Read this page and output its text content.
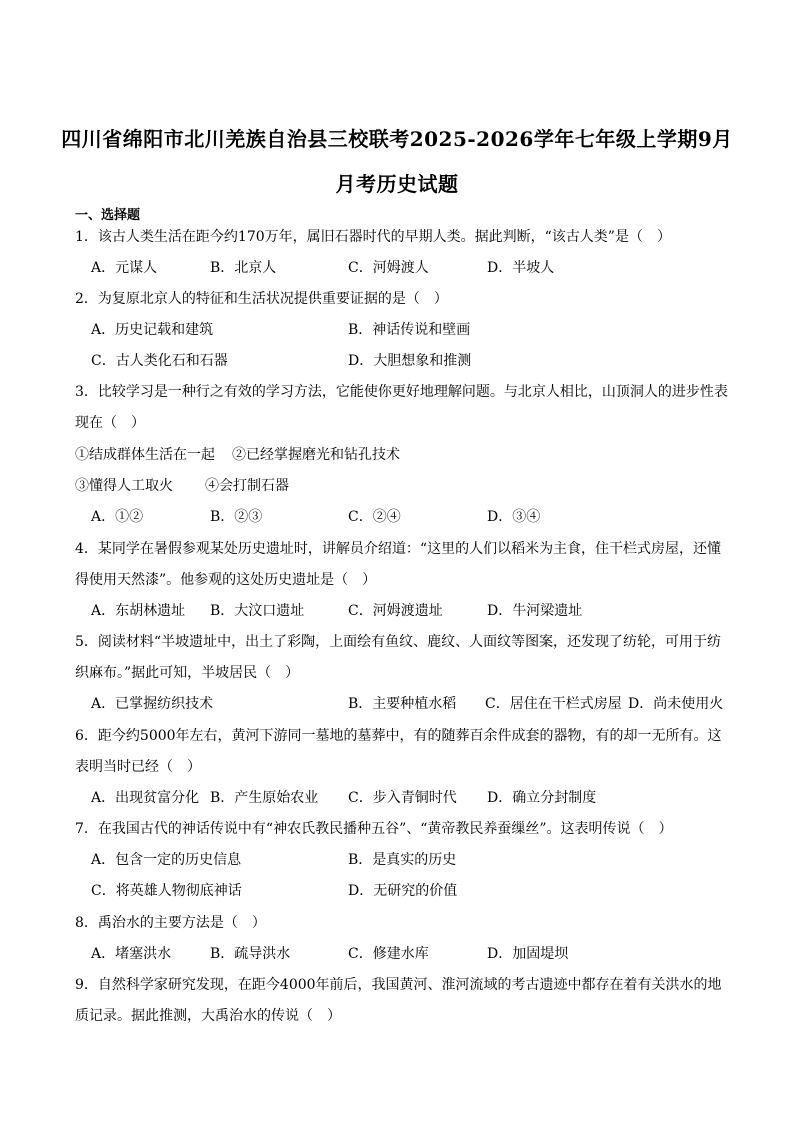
四川省绵阳市北川羌族自治县三校联考2025-2026学年七年级上学期9月
月考历史试题
一、选择题
1．该古人类生活在距今约170万年，属旧石器时代的早期人类。据此判断，“该古人类”是（　）
A．元谋人	B．北京人	C．河姆渡人	D．半坡人
2．为复原北京人的特征和生活状况提供重要证据的是（　）
A．历史记载和建筑	B．神话传说和壁画
C．古人类化石和石器	D．大胆想象和推测
3．比较学习是一种行之有效的学习方法，它能使你更好地理解问题。与北京人相比，山顶洞人的进步性表
现在（　）
①结成群体生活在一起 ②已经掌握磨光和钻孔技术
③懂得人工取火 ④会打制石器
A．①②	B．②③	C．②④	D．③④
4．某同学在暑假参观某处历史遗址时，讲解员介绍道：“这里的人们以稻米为主食，住干栏式房屋，还懂
得使用天然漆”。他参观的这处历史遗址是（　）
A．东胡林遗址 B．大汶口遗址	C．河姆渡遗址	D．牛河梁遗址
5．阅读材料“半坡遗址中，出土了彩陶，上面绘有鱼纹、鹿纹、人面纹等图案，还发现了纺轮，可用于纺
织麻布。”据此可知，半坡居民（　）
A．已掌握纺织技术	B．主要种植水稻 C．居住在干栏式房屋 D．尚未使用火
6．距今约5000年左右，黄河下游同一墓地的墓葬中，有的随葬百余件成套的器物，有的却一无所有。这
表明当时已经（　）
A．出现贫富分化 B．产生原始农业 C．步入青铜时代 D．确立分封制度
7．在我国古代的神话传说中有“神农氏教民播种五谷”、“黄帝教民养蚕缫丝”。这表明传说（　）
A．包含一定的历史信息	B．是真实的历史
C．将英雄人物彻底神话	D．无研究的价值
8．禹治水的主要方法是（　）
A．堵塞洪水	B．疏导洪水	C．修建水库	D．加固堤坝
9．自然科学家研究发现，在距今4000年前后，我国黄河、淮河流域的考古遗迹中都存在着有关洪水的地
质记录。据此推测，大禹治水的传说（　）
